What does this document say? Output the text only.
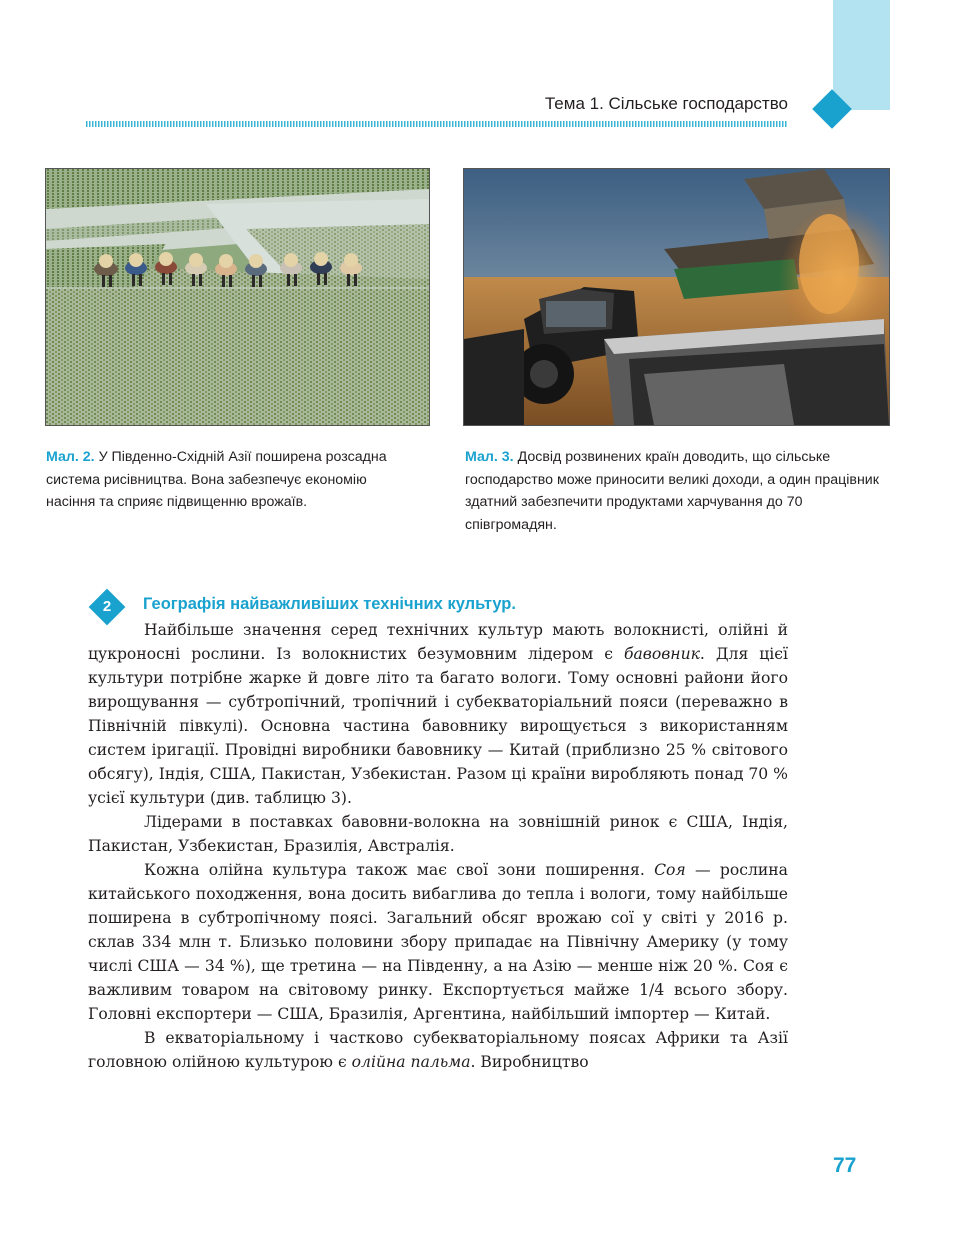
Тема 1. Сільське господарство
Мал. 2. У Південно-Східній Азії поширена розсадна система рисівництва. Вона забезпечує економію насіння та сприяє підвищенню врожаїв.
Мал. 3. Досвід розвинених країн доводить, що сільське господарство може приносити великі доходи, а один працівник здатний забезпечити продуктами харчування до 70 співгромадян.
2	Географія найважливіших технічних культур.

Найбільше значення серед технічних культур мають волокнисті, олійні й цукроносні рослини. Із волокнистих безумовним лідером є бавовник. Для цієї культури потрібне жарке й довге літо та багато вологи. Тому основні райони його вирощування — субтропічний, тропічний і субекваторіальний пояси (переважно в Північній півкулі). Основна частина бавовнику вирощується з використанням систем іригації. Провідні виробники бавовнику — Китай (приблизно 25 % світового обсягу), Індія, США, Пакистан, Узбекистан. Разом ці країни виробляють понад 70 % усієї культури (див. таблицю 3).

Лідерами в поставках бавовни-волокна на зовнішній ринок є США, Індія, Пакистан, Узбекистан, Бразилія, Австралія.

Кожна олійна культура також має свої зони поширення. Соя — рослина китайського походження, вона досить вибаглива до тепла і вологи, тому найбільше поширена в субтропічному поясі. Загальний обсяг врожаю сої у світі у 2016 р. склав 334 млн т. Близько половини збору припадає на Північну Америку (у тому числі США — 34 %), ще третина — на Південну, а на Азію — менше ніж 20 %. Соя є важливим товаром на світовому ринку. Експортується майже 1/4 всього збору. Головні експортери — США, Бразилія, Аргентина, найбільший імпортер — Китай.

В екваторіальному і частково субекваторіальному поясах Африки та Азії головною олійною культурою є олійна пальма. Виробництво

77
